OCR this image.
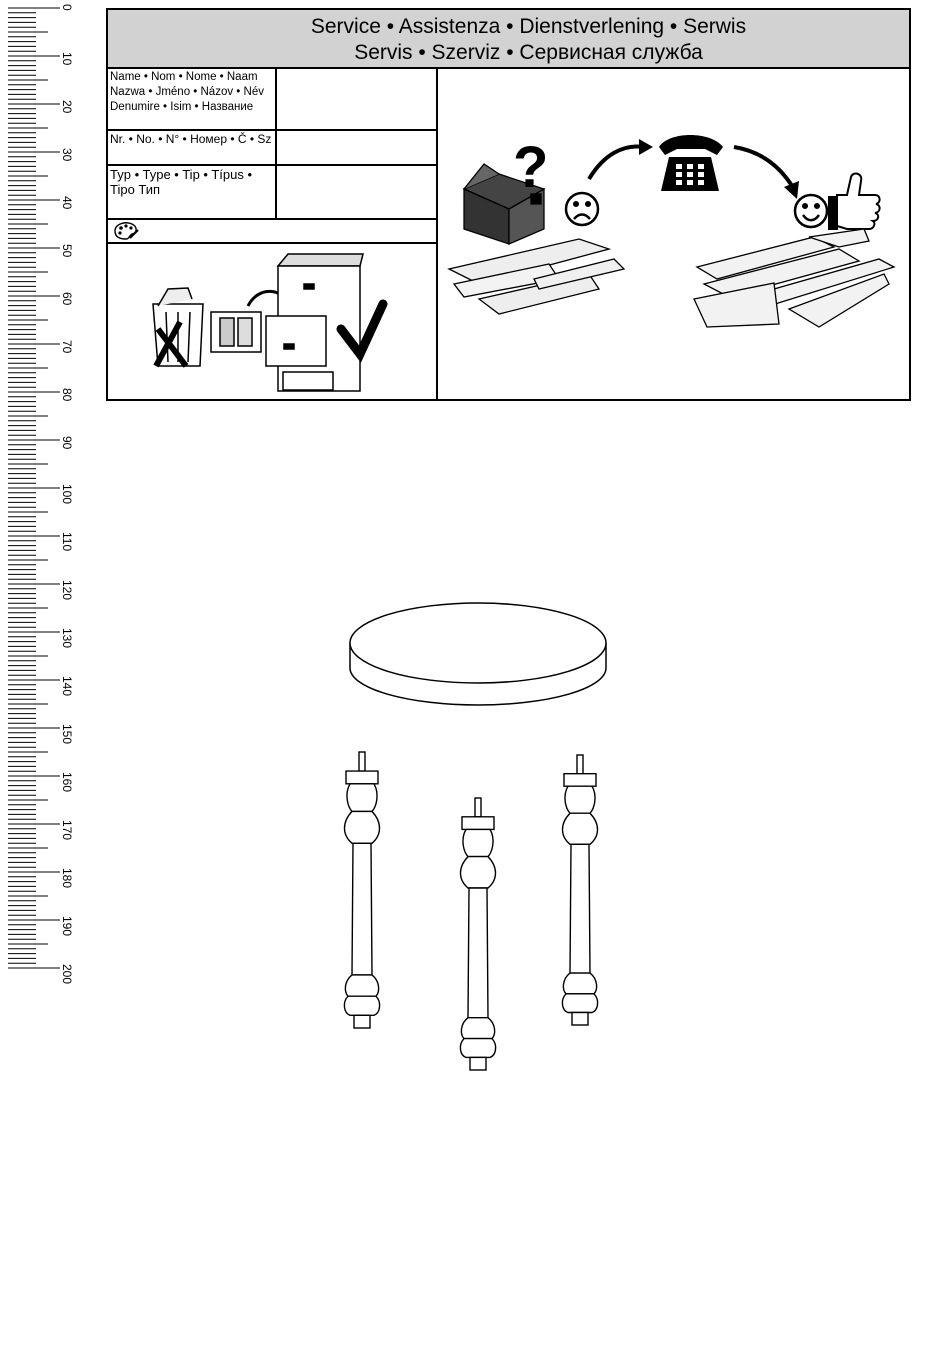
0
10
20
30
40
50
60
70
80
90
100
110
120
130
140
150
160
170
180
190
200
Service • Assistenza • Dienstverlening • Serwis
Servis • Szerviz • Сервисная служба
Name • Nom • Nome • Naam Nazwa • Jméno • Názov • Név Denumire • Isim • Название
Nr. • No. • N° • Номер • Č • Sz
Typ • Type • Tip • Típus • Tipo Тип	?
